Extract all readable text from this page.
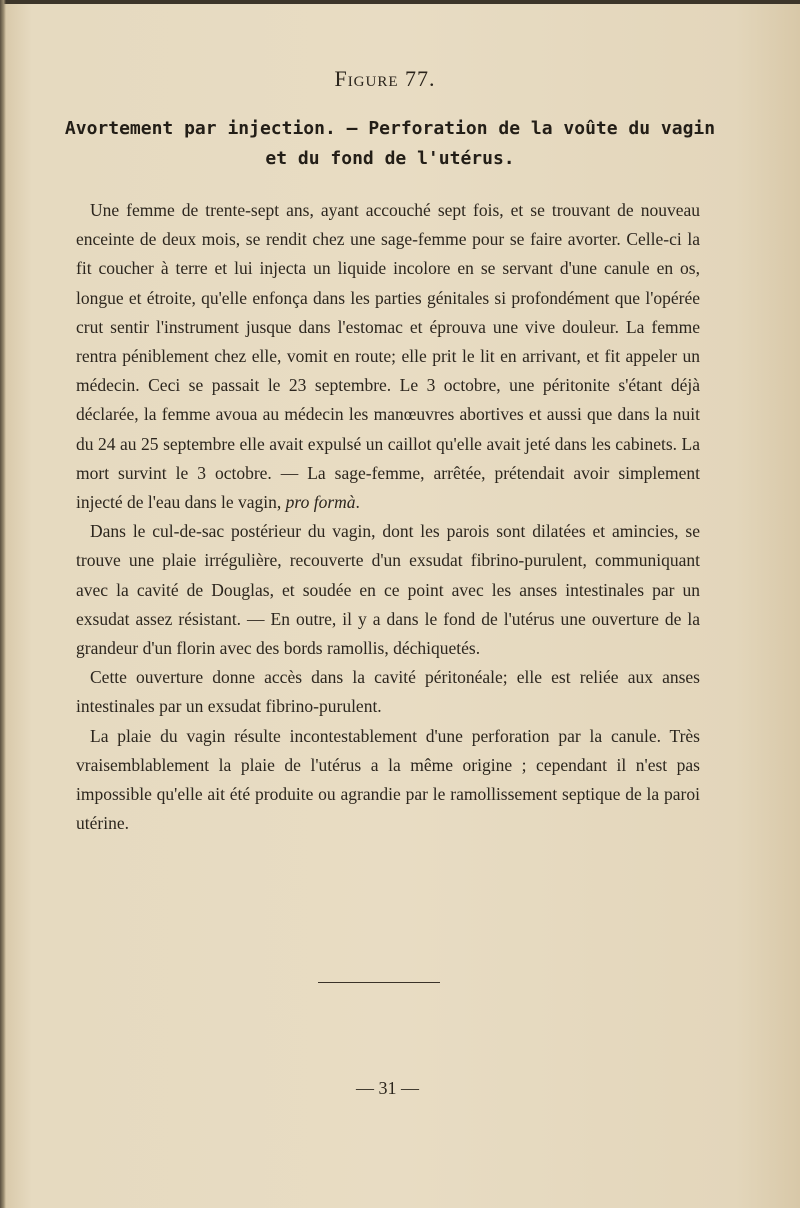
Figure 77.
Avortement par injection. — Perforation de la voûte du vagin
et du fond de l'utérus.

Une femme de trente-sept ans, ayant accouché sept fois, et se trouvant de nouveau enceinte de deux mois, se rendit chez une sage-femme pour se faire avorter. Celle-ci la fit coucher à terre et lui injecta un liquide incolore en se servant d'une canule en os, longue et étroite, qu'elle enfonça dans les parties génitales si profondément que l'opérée crut sentir l'instrument jusque dans l'estomac et éprouva une vive douleur. La femme rentra péniblement chez elle, vomit en route; elle prit le lit en arrivant, et fit appeler un médecin. Ceci se passait le 23 septembre. Le 3 octobre, une péritonite s'étant déjà déclarée, la femme avoua au médecin les manœuvres abortives et aussi que dans la nuit du 24 au 25 septembre elle avait expulsé un caillot qu'elle avait jeté dans les cabinets. La mort survint le 3 octobre. — La sage-femme, arrêtée, prétendait avoir simplement injecté de l'eau dans le vagin, pro formà.

Dans le cul-de-sac postérieur du vagin, dont les parois sont dilatées et amincies, se trouve une plaie irrégulière, recouverte d'un exsudat fibrino-purulent, communiquant avec la cavité de Douglas, et soudée en ce point avec les anses intestinales par un exsudat assez résistant. — En outre, il y a dans le fond de l'utérus une ouverture de la grandeur d'un florin avec des bords ramollis, déchiquetés.

Cette ouverture donne accès dans la cavité péritonéale; elle est reliée aux anses intestinales par un exsudat fibrino-purulent.

La plaie du vagin résulte incontestablement d'une perforation par la canule. Très vraisemblablement la plaie de l'utérus a la même origine ; cependant il n'est pas impossible qu'elle ait été produite ou agrandie par le ramollissement septique de la paroi utérine.

— 31 —
